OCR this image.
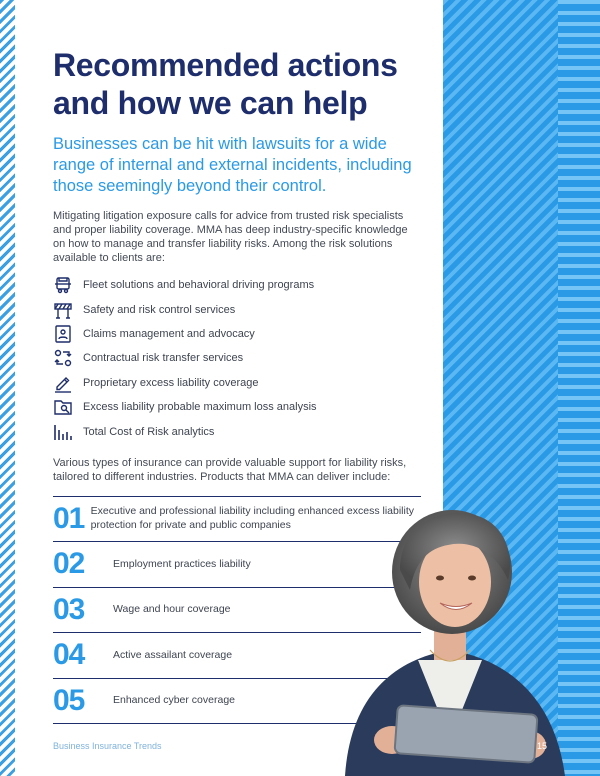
Recommended actions
and how we can help

Businesses can be hit with lawsuits for a wide range of internal and external incidents, including those seemingly beyond their control.

Mitigating litigation exposure calls for advice from trusted risk specialists and proper liability coverage. MMA has deep industry-specific knowledge on how to manage and transfer liability risks. Among the risk solutions available to clients are:

Fleet solutions and behavioral driving programs
Safety and risk control services
Claims management and advocacy
Contractual risk transfer services
Proprietary excess liability coverage
Excess liability probable maximum loss analysis
Total Cost of Risk analytics

Various types of insurance can provide valuable support for liability risks, tailored to different industries. Products that MMA can deliver include:

01 Executive and professional liability including enhanced excess liability protection for private and public companies
02	Employment practices liability
03	Wage and hour coverage
04	Active assailant coverage
05	Enhanced cyber coverage
Business Insurance Trends	15
